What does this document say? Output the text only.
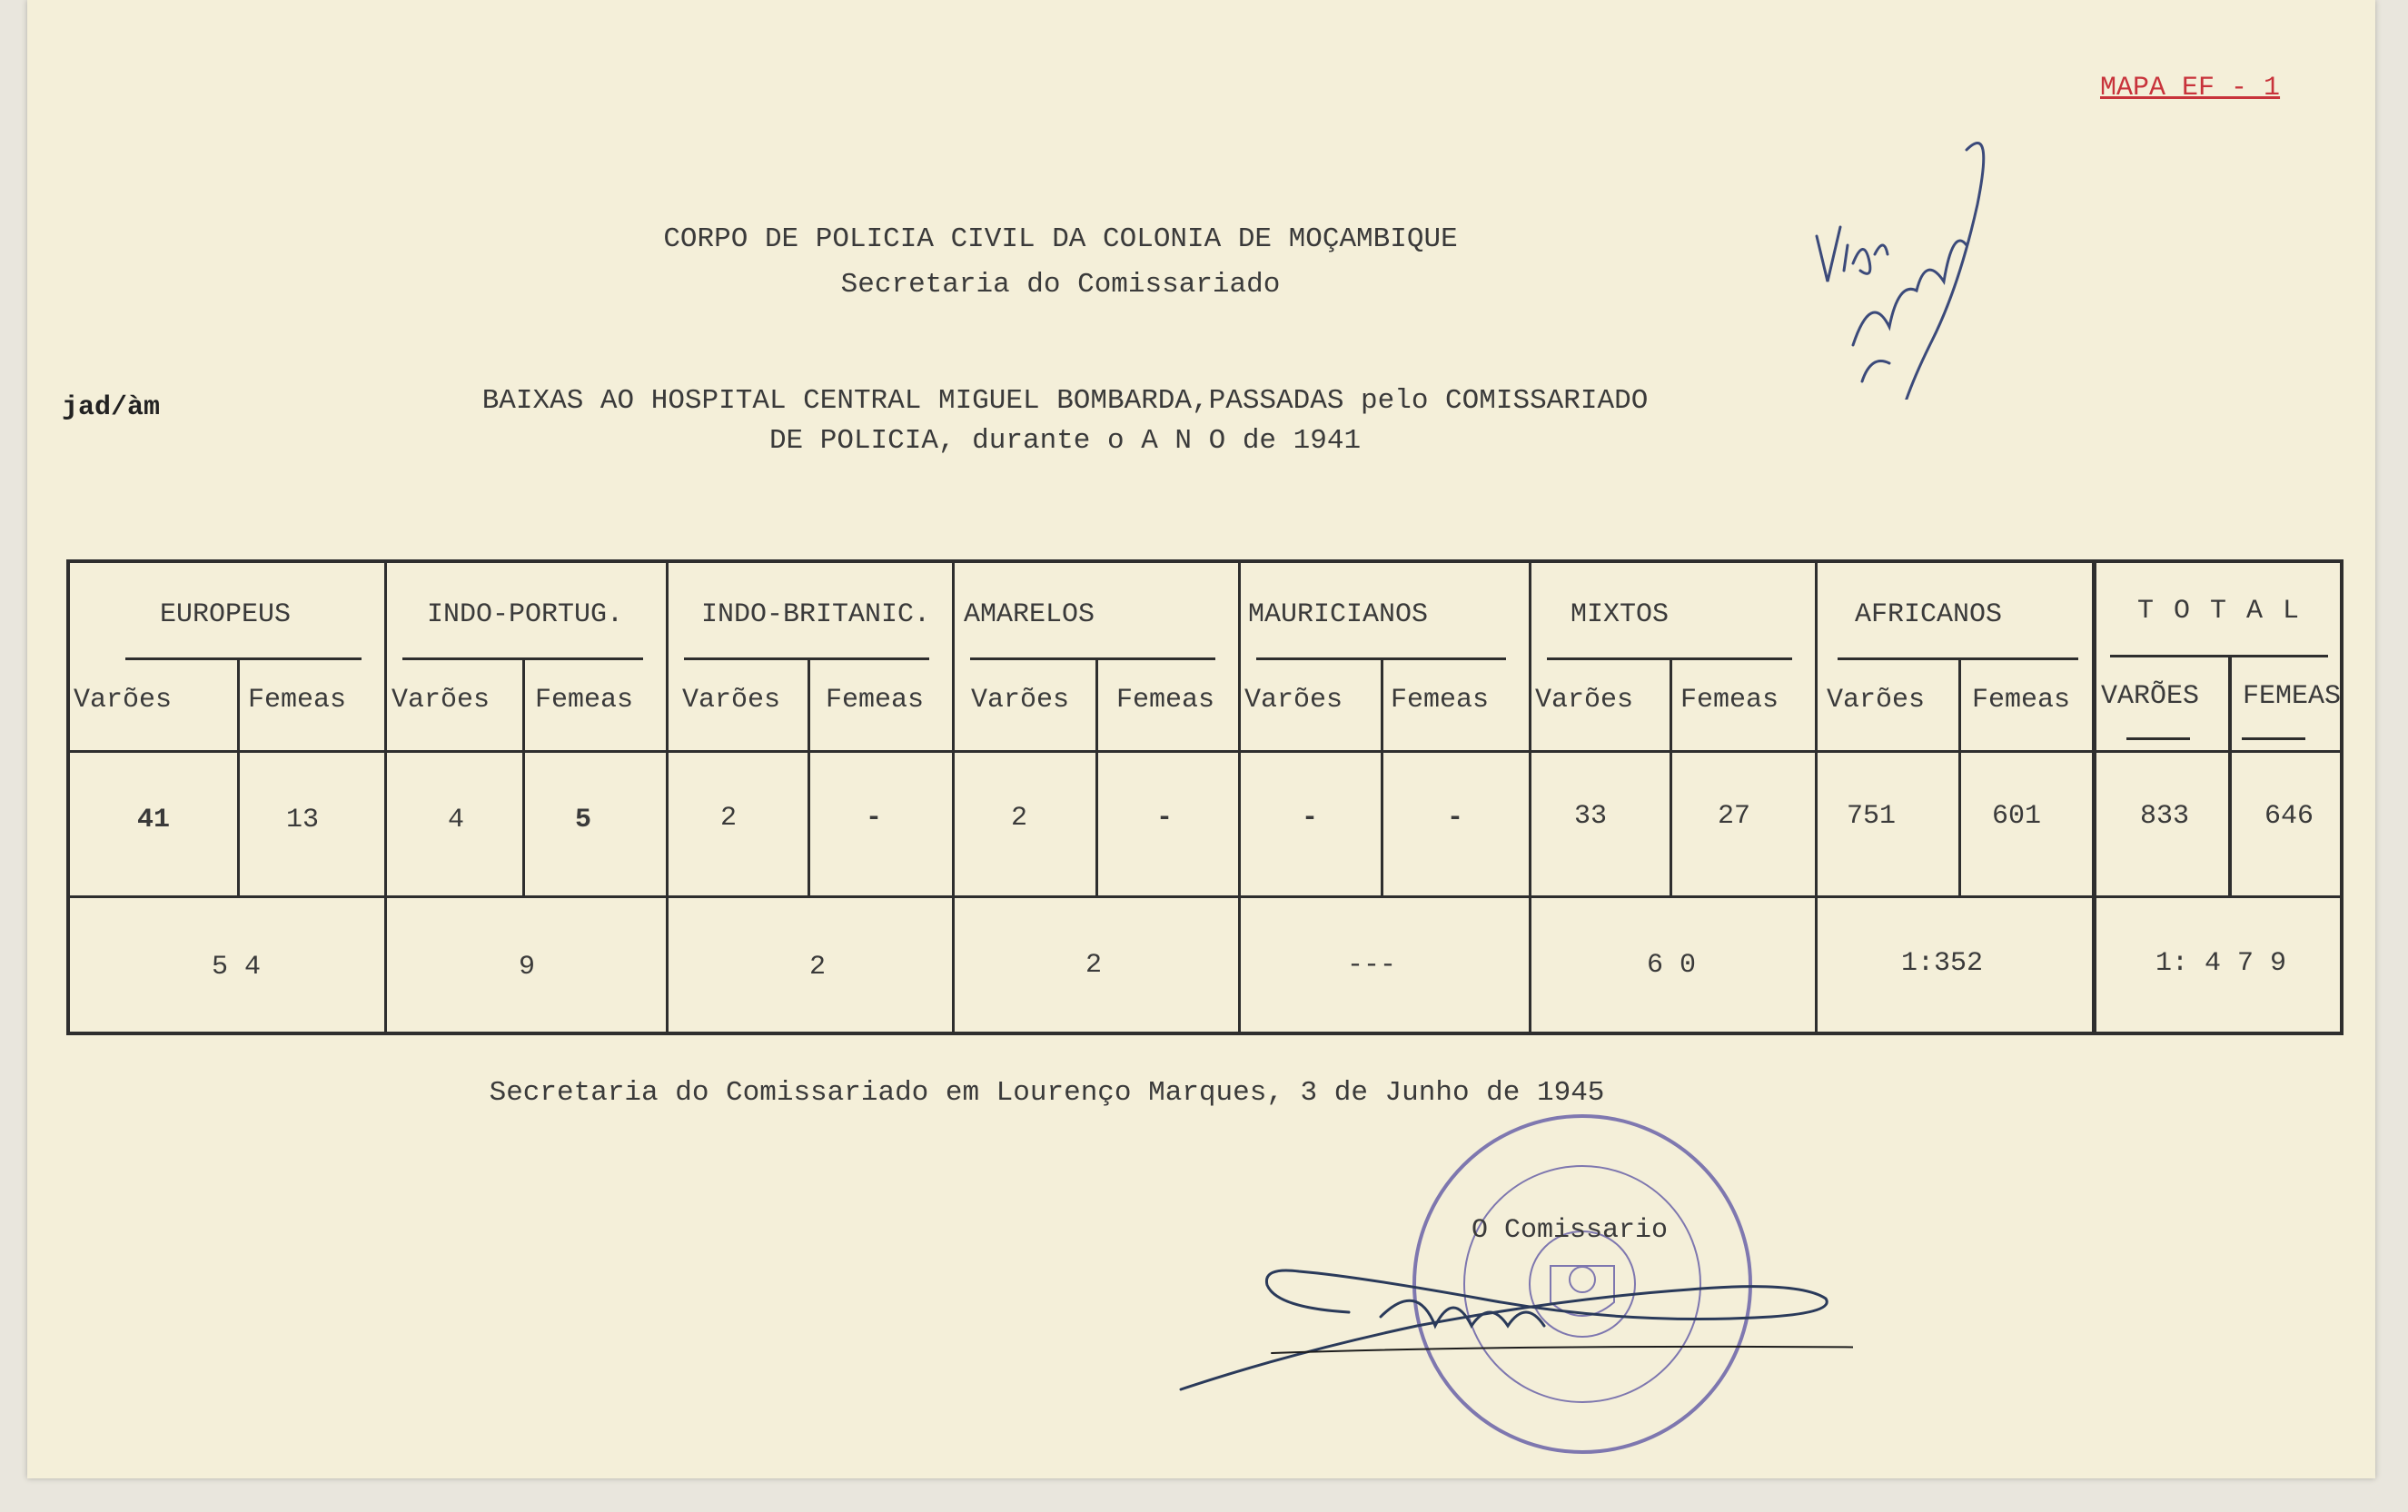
MAPA EF - 1
CORPO DE POLICIA CIVIL DA COLONIA DE MOÇAMBIQUE
Secretaria do Comissariado
jad/àm	BAIXAS AO HOSPITAL CENTRAL MIGUEL BOMBARDA,PASSADAS pelo COMISSARIADO
DE POLICIA, durante o A N O de 1941
EUROPEUS	INDO-PORTUG.	INDO-BRITANIC.	AMARELOS	MAURICIANOS	MIXTOS	AFRICANOS	T O T A L
Varões	Femeas Varões Femeas Varões Femeas Varões Femeas Varões Femeas Varões Femeas Varões Femeas VARÕES FEMEAS
41	13	4	5	2	-	2	-	-	-	33	27	751	601	833	646
5 4	9	2	2	---	6 0	1:352	1: 4 7 9
Secretaria do Comissariado em Lourenço Marques, 3 de Junho de 1945
O Comissario
